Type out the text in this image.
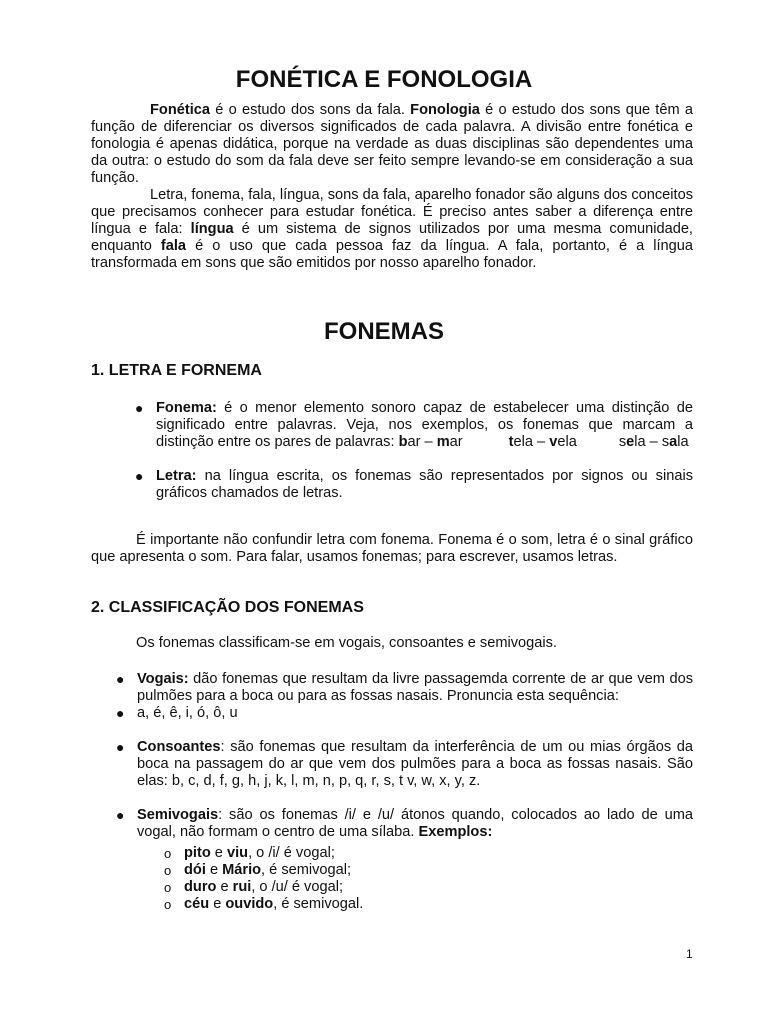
FONÉTICA E FONOLOGIA

Fonética é o estudo dos sons da fala. Fonologia é o estudo dos sons que têm a função de diferenciar os diversos significados de cada palavra. A divisão entre fonética e fonologia é apenas didática, porque na verdade as duas disciplinas são dependentes uma da outra: o estudo do som da fala deve ser feito sempre levando-se em consideração a sua função.

Letra, fonema, fala, língua, sons da fala, aparelho fonador são alguns dos conceitos que precisamos conhecer para estudar fonética. É preciso antes saber a diferença entre língua e fala: língua é um sistema de signos utilizados por uma mesma comunidade, enquanto fala é o uso que cada pessoa faz da língua. A fala, portanto, é a língua transformada em sons que são emitidos por nosso aparelho fonador.

FONEMAS
1. LETRA E FORNEMA
● Fonema: é o menor elemento sonoro capaz de estabelecer uma distinção de significado entre palavras. Veja, nos exemplos, os fonemas que marcam a distinção entre os pares de palavras: bar – mar	tela – vela	sela – sala
● Letra: na língua escrita, os fonemas são representados por signos ou sinais gráficos chamados de letras.

É importante não confundir letra com fonema. Fonema é o som, letra é o sinal gráfico que apresenta o som. Para falar, usamos fonemas; para escrever, usamos letras.

2. CLASSIFICAÇÃO DOS FONEMAS

Os fonemas classificam-se em vogais, consoantes e semivogais.

● Vogais: dão fonemas que resultam da livre passagemda corrente de ar que vem dos pulmões para a boca ou para as fossas nasais. Pronuncia esta sequência:
● a, é, ê, i, ó, ô, u
● Consoantes: são fonemas que resultam da interferência de um ou mias órgãos da boca na passagem do ar que vem dos pulmões para a boca as fossas nasais. São elas: b, c, d, f, g, h, j, k, l, m, n, p, q, r, s, t v, w, x, y, z.
● Semivogais: são os fonemas /i/ e /u/ átonos quando, colocados ao lado de uma vogal, não formam o centro de uma sílaba. Exemplos:
o pito e viu, o /i/ é vogal;
o dói e Mário, é semivogal;
o duro e rui, o /u/ é vogal;
o céu e ouvido, é semivogal.

1
